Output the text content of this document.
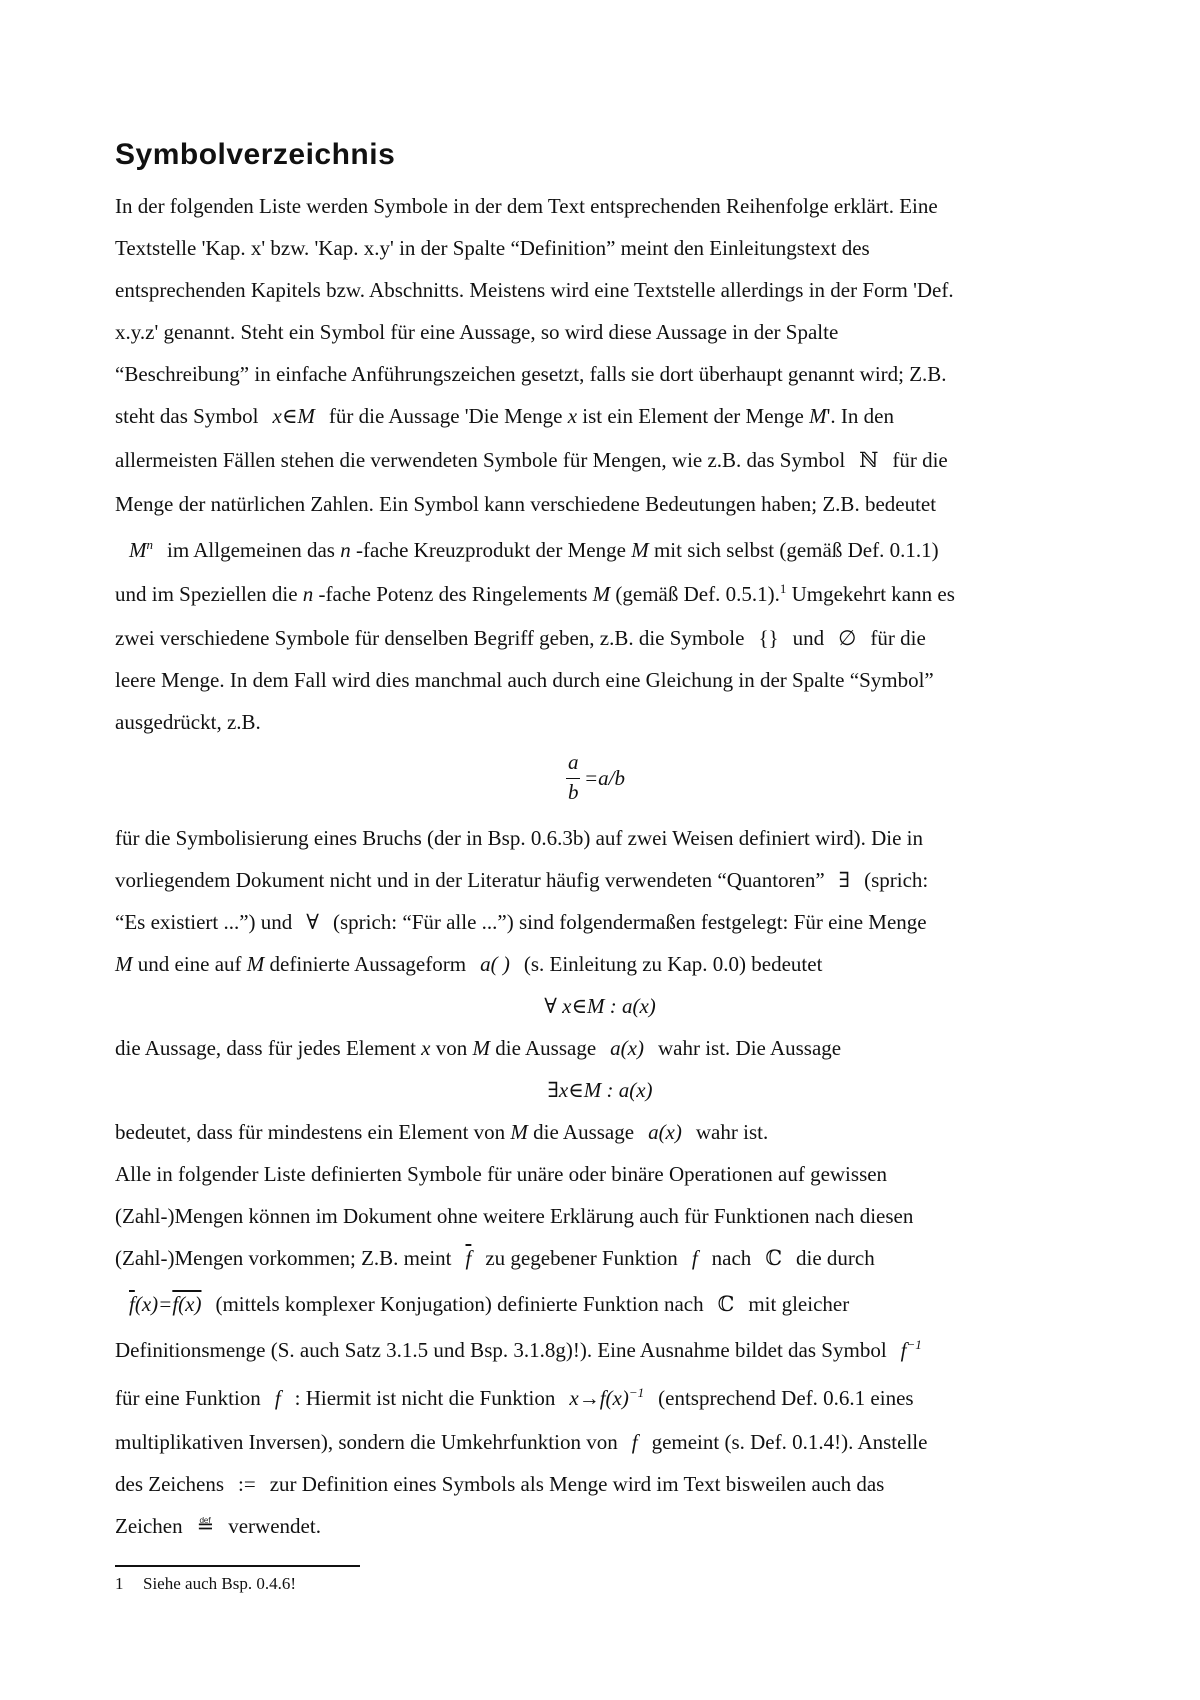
Symbolverzeichnis

In der folgenden Liste werden Symbole in der dem Text entsprechenden Reihenfolge erklärt. Eine

Textstelle 'Kap. x' bzw. 'Kap. x.y' in der Spalte “Definition” meint den Einleitungstext des

entsprechenden Kapitels bzw. Abschnitts. Meistens wird eine Textstelle allerdings in der Form 'Def.

x.y.z' genannt. Steht ein Symbol für eine Aussage, so wird diese Aussage in der Spalte

“Beschreibung” in einfache Anführungszeichen gesetzt, falls sie dort überhaupt genannt wird; Z.B.

steht das Symbol x∈M für die Aussage 'Die Menge x ist ein Element der Menge M'. In den

allermeisten Fällen stehen die verwendeten Symbole für Mengen, wie z.B. das Symbol ℕ für die

Menge der natürlichen Zahlen. Ein Symbol kann verschiedene Bedeutungen haben; Z.B. bedeutet

$M^n$ im Allgemeinen das n -fache Kreuzprodukt der Menge M mit sich selbst (gemäß Def. 0.1.1)

und im Speziellen die n -fache Potenz des Ringelements M (gemäß Def. 0.5.1).$^1$ Umgekehrt kann es

zwei verschiedene Symbole für denselben Begriff geben, z.B. die Symbole {} und ∅ für die

leere Menge. In dem Fall wird dies manchmal auch durch eine Gleichung in der Spalte “Symbol”

ausgedrückt, z.B.

a
b
=a/b

für die Symbolisierung eines Bruchs (der in Bsp. 0.6.3b) auf zwei Weisen definiert wird). Die in

vorliegendem Dokument nicht und in der Literatur häufig verwendeten “Quantoren” ∃ (sprich:

“Es existiert ...”) und ∀ (sprich: “Für alle ...”) sind folgendermaßen festgelegt: Für eine Menge

M und eine auf M definierte Aussageform a( ) (s. Einleitung zu Kap. 0.0) bedeutet

∀ x∈M : a(x)

die Aussage, dass für jedes Element x von M die Aussage a(x) wahr ist. Die Aussage

∃x∈M : a(x)

bedeutet, dass für mindestens ein Element von M die Aussage a(x) wahr ist.

Alle in folgender Liste definierten Symbole für unäre oder binäre Operationen auf gewissen

(Zahl-)Mengen können im Dokument ohne weitere Erklärung auch für Funktionen nach diesen

(Zahl-)Mengen vorkommen; Z.B. meint $\overline{f}$ zu gegebener Funktion f nach ℂ die durch

$\overline{f}(x)=f(x)$ (mittels komplexer Konjugation) definierte Funktion nach ℂ mit gleicher

Definitionsmenge (S. auch Satz 3.1.5 und Bsp. 3.1.8g)!). Eine Ausnahme bildet das Symbol $f^{-1}$

für eine Funktion f : Hiermit ist nicht die Funktion $x\to f(x)^{-1}$ (entsprechend Def. 0.6.1 eines

multiplikativen Inversen), sondern die Umkehrfunktion von f gemeint (s. Def. 0.1.4!). Anstelle

des Zeichens := zur Definition eines Symbols als Menge wird im Text bisweilen auch das

Zeichen ≝ verwendet.

1 Siehe auch Bsp. 0.4.6!
